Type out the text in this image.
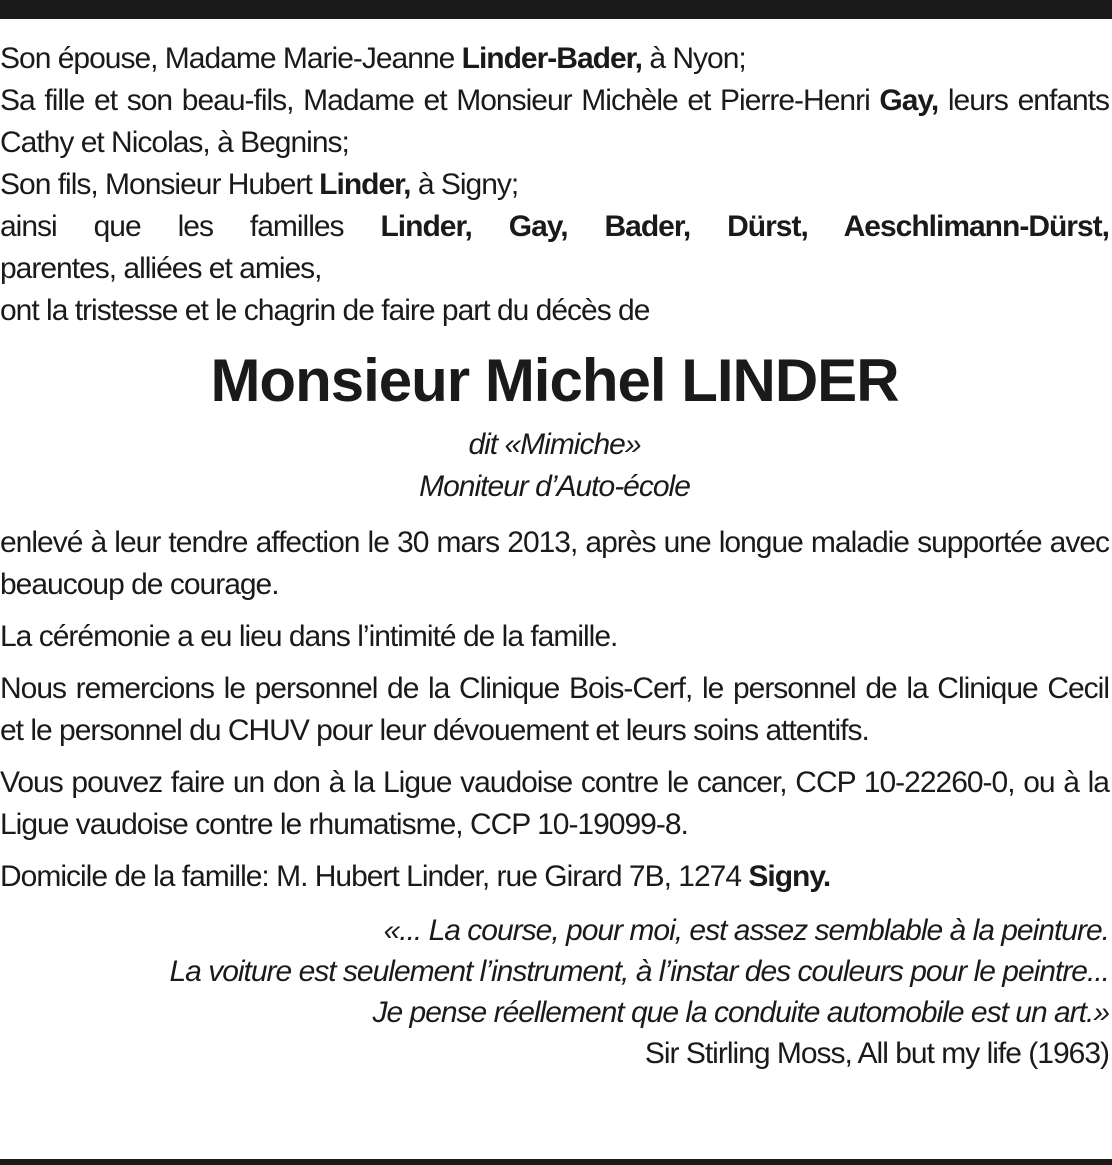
Son épouse, Madame Marie-Jeanne Linder-Bader, à Nyon;
Sa fille et son beau-fils, Madame et Monsieur Michèle et Pierre-Henri Gay, leurs enfants Cathy et Nicolas, à Begnins;
Son fils, Monsieur Hubert Linder, à Signy;
ainsi que les familles Linder, Gay, Bader, Dürst, Aeschlimann-Dürst,
parentes, alliées et amies,
ont la tristesse et le chagrin de faire part du décès de
Monsieur Michel LINDER
dit «Mimiche»
Moniteur d’Auto-école
enlevé à leur tendre affection le 30 mars 2013, après une longue maladie supportée avec beaucoup de courage.
La cérémonie a eu lieu dans l’intimité de la famille.
Nous remercions le personnel de la Clinique Bois-Cerf, le personnel de la Clinique Cecil et le personnel du CHUV pour leur dévouement et leurs soins attentifs.
Vous pouvez faire un don à la Ligue vaudoise contre le cancer, CCP 10-22260-0, ou à la Ligue vaudoise contre le rhumatisme, CCP 10-19099-8.
Domicile de la famille: M. Hubert Linder, rue Girard 7B, 1274 Signy.
«... La course, pour moi, est assez semblable à la peinture.
La voiture est seulement l’instrument, à l’instar des couleurs pour le peintre...
Je pense réellement que la conduite automobile est un art.»
Sir Stirling Moss, All but my life (1963)
